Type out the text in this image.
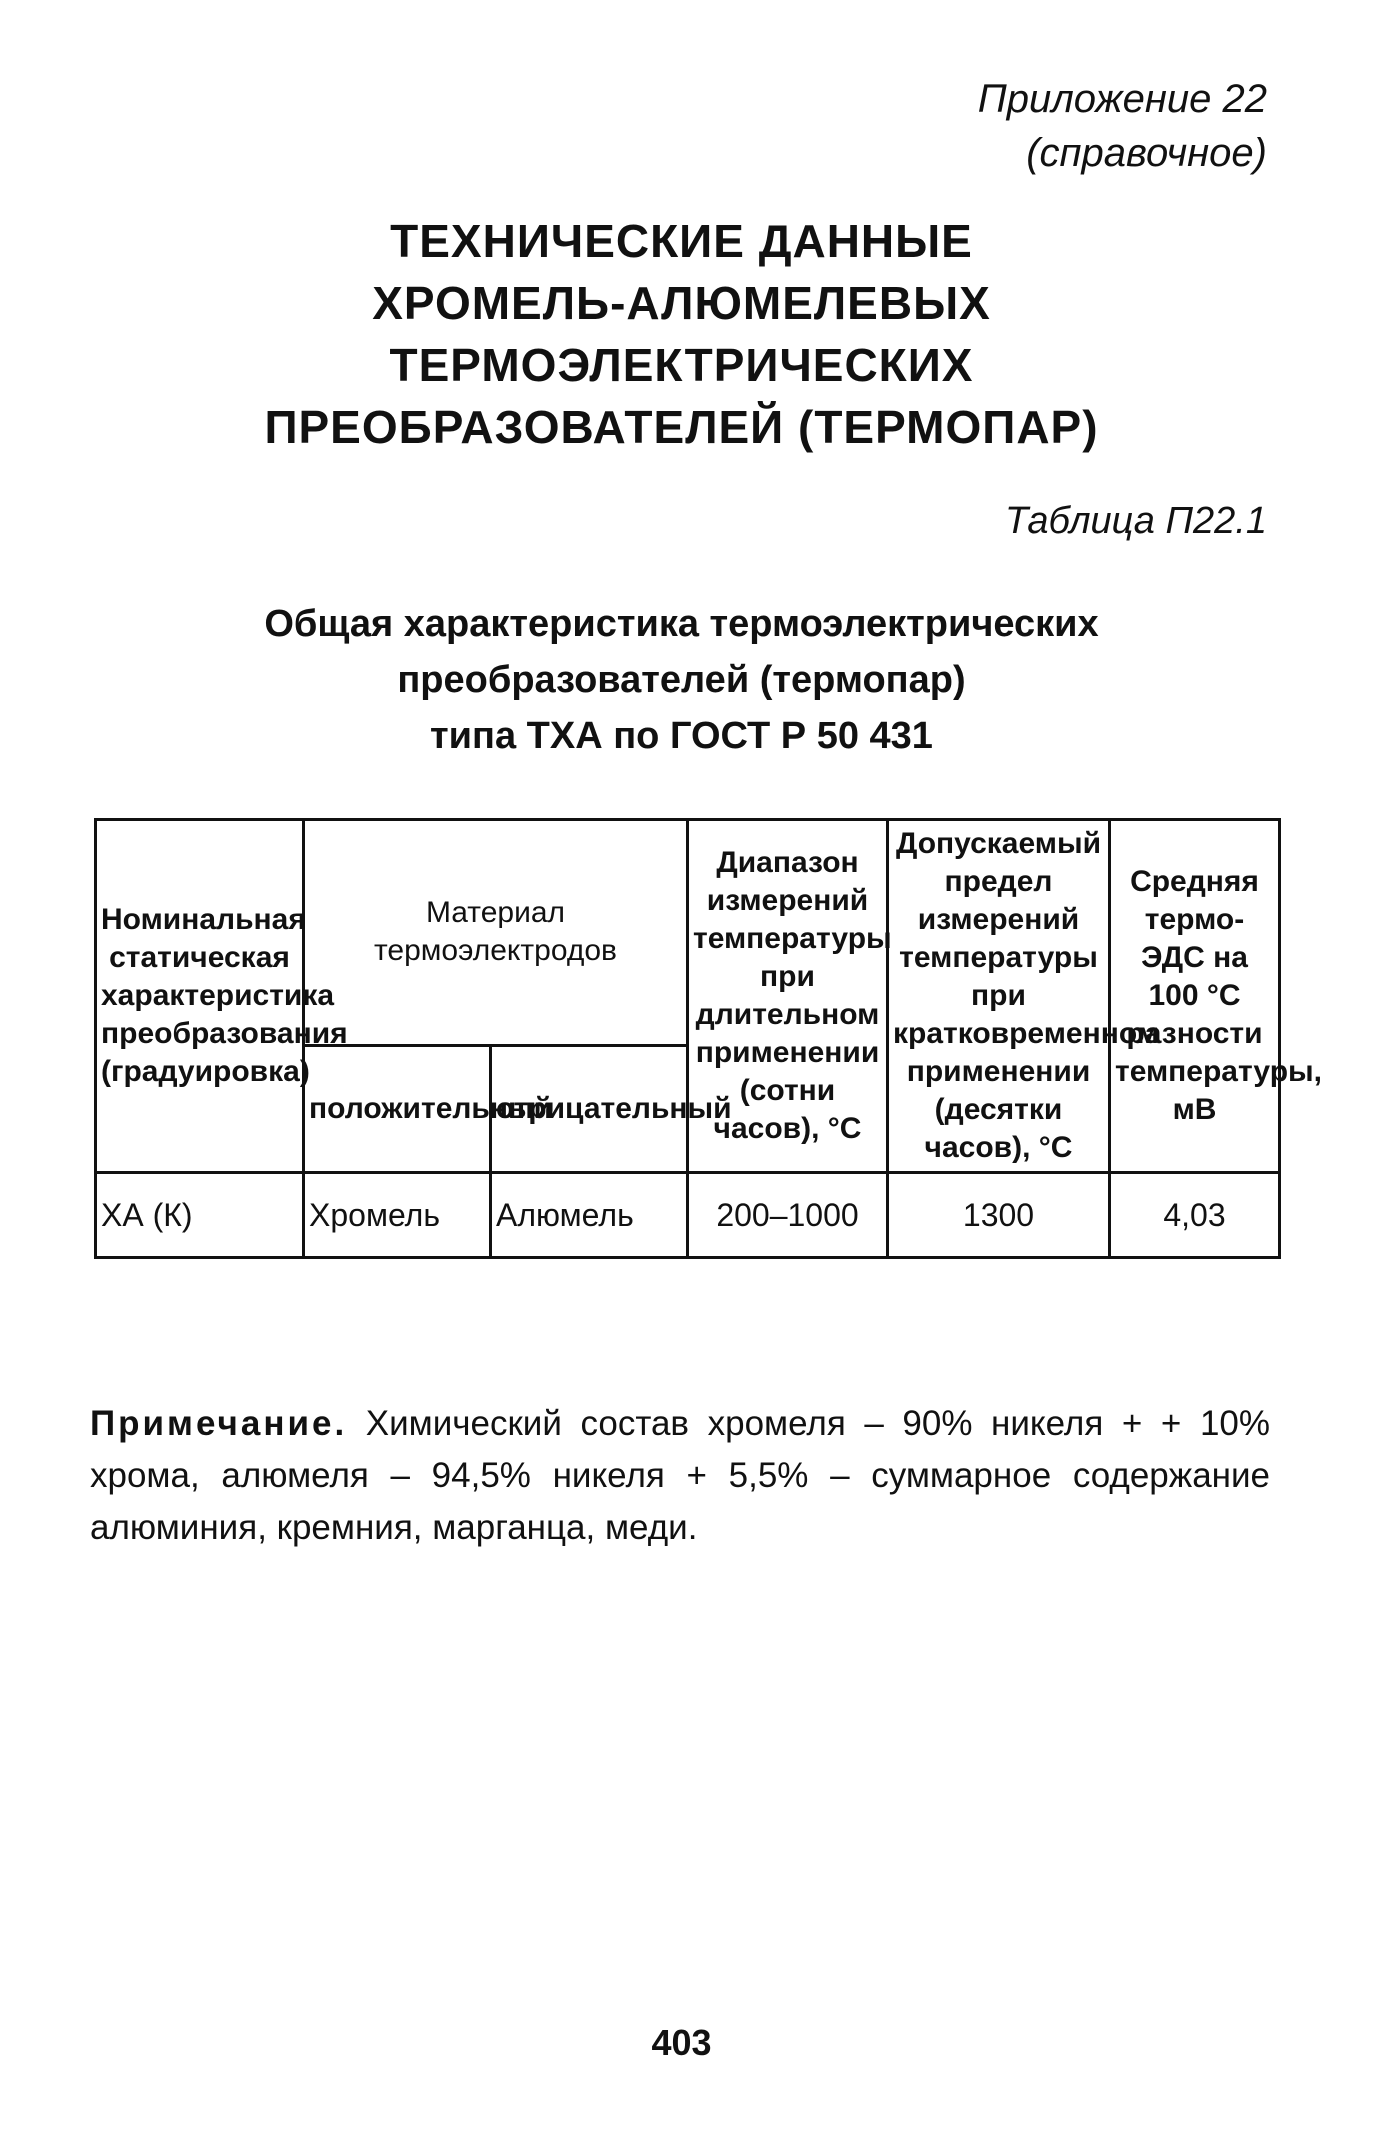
Приложение 22
(справочное)
ТЕХНИЧЕСКИЕ ДАННЫЕ
ХРОМЕЛЬ-АЛЮМЕЛЕВЫХ
ТЕРМОЭЛЕКТРИЧЕСКИХ
ПРЕОБРАЗОВАТЕЛЕЙ (ТЕРМОПАР)
Таблица П22.1
Общая характеристика термоэлектрических
преобразователей (термопар)
типа ТХА по ГОСТ Р 50 431
Номинальная статическая характеристика преобразования (градуировка)	Материал термоэлектродов		Диапазон измерений температуры при длительном применении (сотни часов), °С	Допускаемый предел измерений температуры при кратковременном применении (десятки часов), °С	Средняя термо-ЭДС на 100 °С разности температуры, мВ
	положительный	отрицательный			
ХА (К)	Хромель	Алюмель	200–1000	1300	4,03
Примечание. Химический состав хромеля – 90% никеля + + 10% хрома, алюмеля – 94,5% никеля + 5,5% – суммарное содержание алюминия, кремния, марганца, меди.
403
